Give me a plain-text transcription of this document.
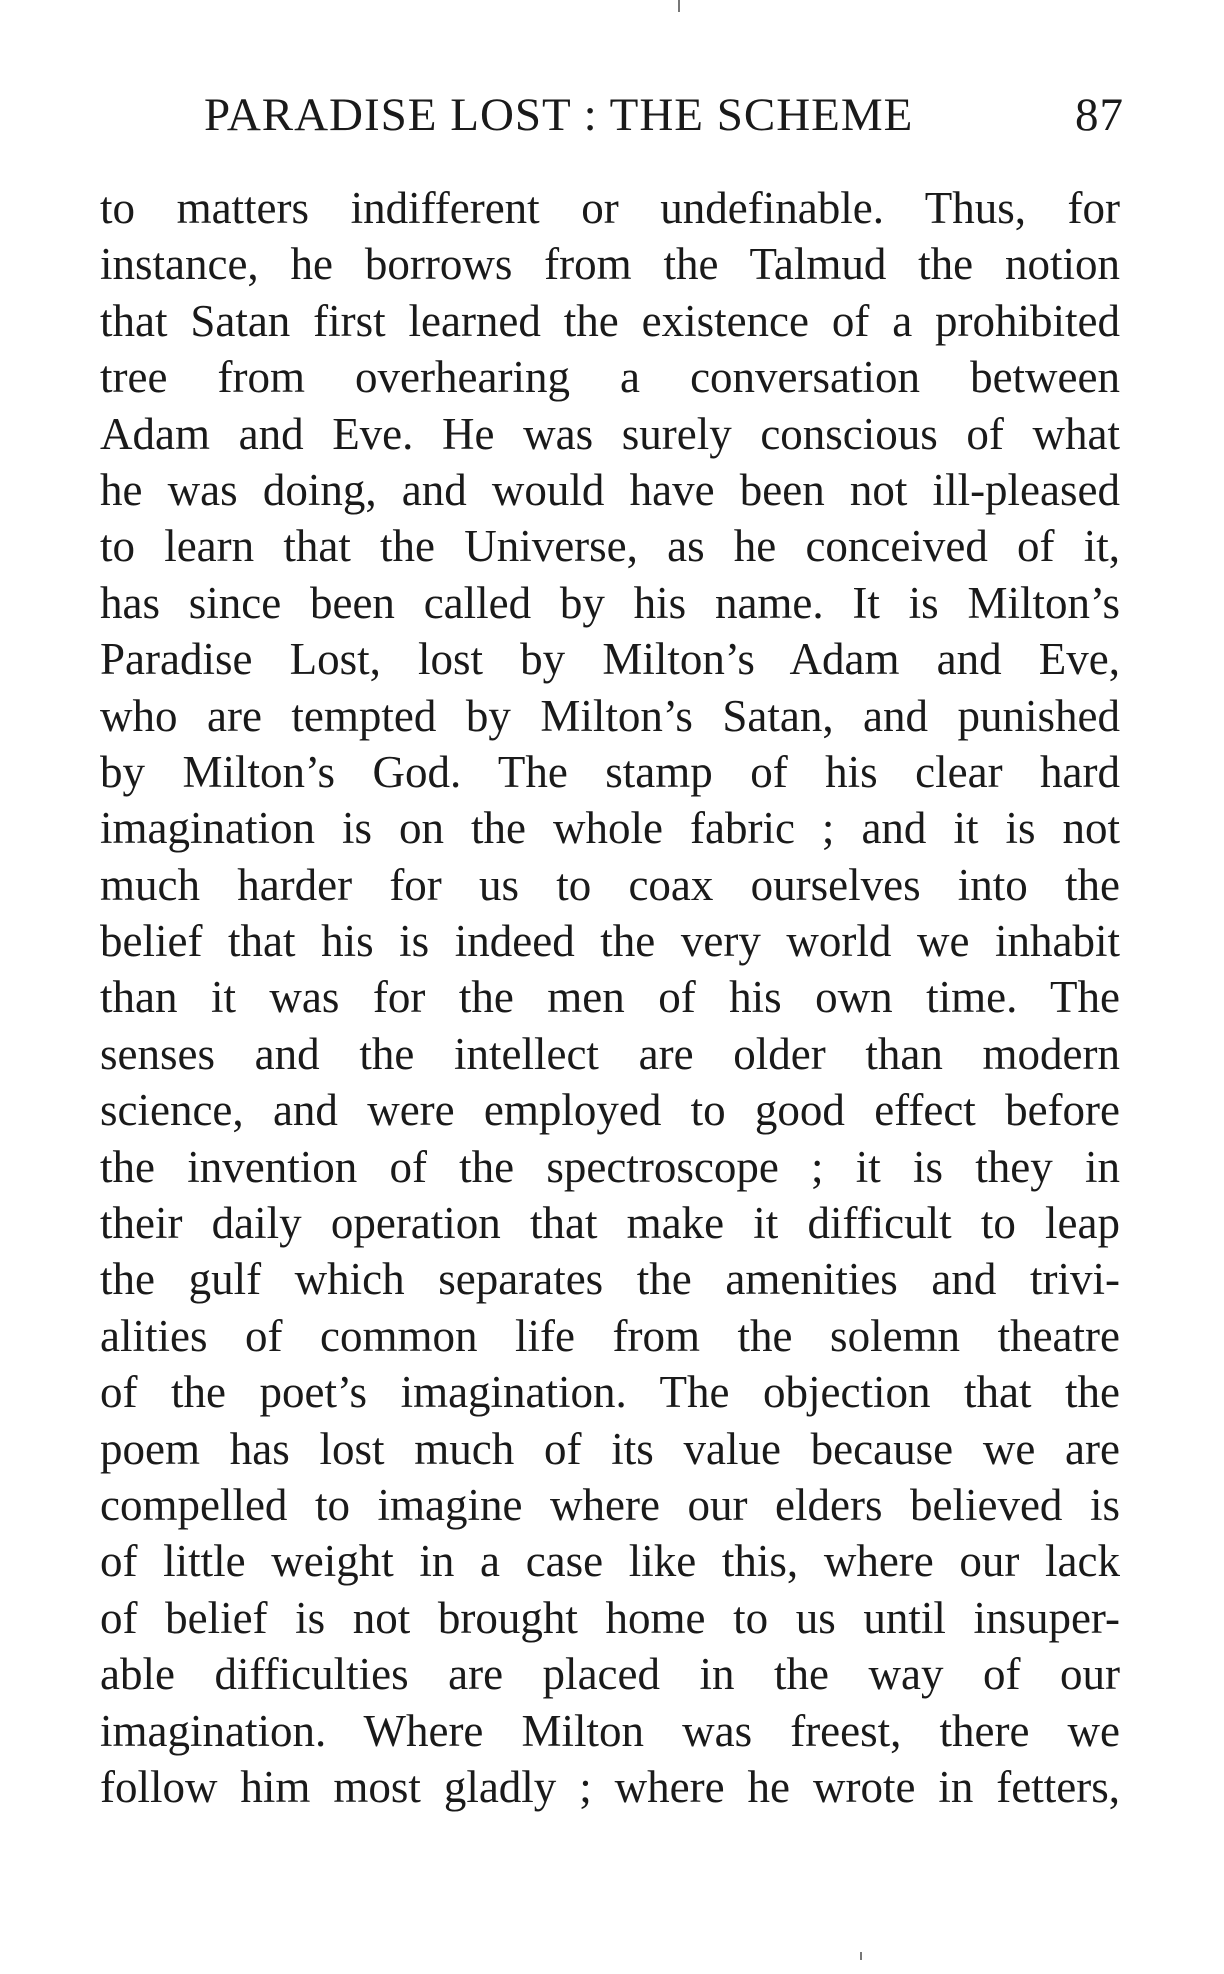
PARADISE LOST : THE SCHEME	87
to matters indifferent or undefinable. Thus, for
instance, he borrows from the Talmud the notion
that Satan first learned the existence of a prohibited
tree from overhearing a conversation between
Adam and Eve. He was surely conscious of what
he was doing, and would have been not ill-pleased
to learn that the Universe, as he conceived of it,
has since been called by his name. It is Milton’s
Paradise Lost, lost by Milton’s Adam and Eve,
who are tempted by Milton’s Satan, and punished
by Milton’s God. The stamp of his clear hard
imagination is on the whole fabric ; and it is not
much harder for us to coax ourselves into the
belief that his is indeed the very world we inhabit
than it was for the men of his own time. The
senses and the intellect are older than modern
science, and were employed to good effect before
the invention of the spectroscope ; it is they in
their daily operation that make it difficult to leap
the gulf which separates the amenities and trivi-
alities of common life from the solemn theatre
of the poet’s imagination. The objection that the
poem has lost much of its value because we are
compelled to imagine where our elders believed is
of little weight in a case like this, where our lack
of belief is not brought home to us until insuper-
able difficulties are placed in the way of our
imagination. Where Milton was freest, there we
follow him most gladly ; where he wrote in fetters,
